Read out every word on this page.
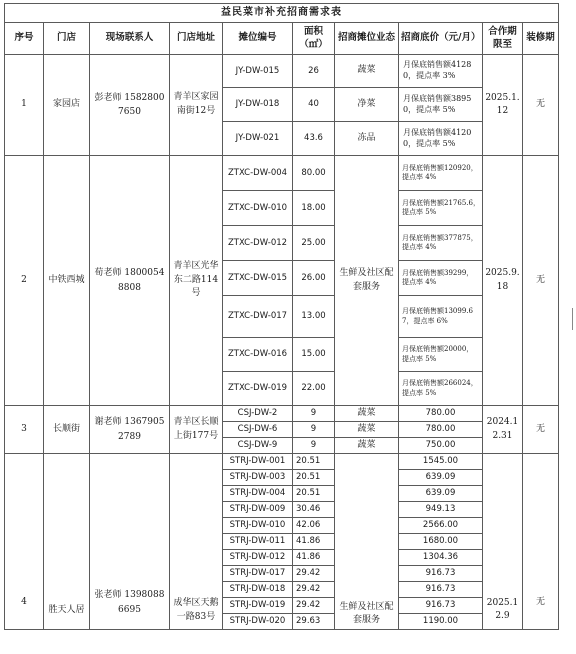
益民菜市补充招商需求表									
序号	门店	现场联系人	门店地址	摊位编号	面积（㎡）	招商摊位业态	招商底价（元/月）	合作期限至	装修期
1	家园店	彭老师 15828007650	青羊区家园南街12号	JY-DW-015	26	蔬菜	月保底销售额41280，提点率 3%	2025.1.12	无
				JY-DW-018	40	净菜	月保底销售额38950，提点率 5%		
				JY-DW-021	43.6	冻品	月保底销售额41200，提点率 5%		
2	中铁西城	荀老师 18000548808	青羊区光华东二路114号	ZTXC-DW-004	80.00	生鲜及社区配套服务	月保底销售额120920，提点率 4%	2025.9.18	无
				ZTXC-DW-010	18.00		月保底销售额21765.6，提点率 5%		
				ZTXC-DW-012	25.00		月保底销售额377875，提点率 4%		
				ZTXC-DW-015	26.00		月保底销售额39299，提点率 4%		
				ZTXC-DW-017	13.00		月保底销售额13099.67，提点率 6%		
				ZTXC-DW-016	15.00		月保底销售额20000，提点率 5%		
				ZTXC-DW-019	22.00		月保底销售额266024，提点率 5%		
3	长顺街	谢老师 13679052789	青羊区长顺上街177号	CSJ-DW-2	9	蔬菜	780.00	2024.12.31	无
				CSJ-DW-6	9	蔬菜	780.00		
				CSJ-DW-9	9	蔬菜	750.00		
4	胜天人居	张老师 13980886695	成华区天鹅一路83号	STRJ-DW-001	20.51	生鲜及社区配套服务	1545.00	2025.12.9	无
				STRJ-DW-003	20.51		639.09		
				STRJ-DW-004	20.51		639.09		
				STRJ-DW-009	30.46		949.13		
				STRJ-DW-010	42.06		2566.00		
				STRJ-DW-011	41.86		1680.00		
				STRJ-DW-012	41.86		1304.36		
				STRJ-DW-017	29.42		916.73		
				STRJ-DW-018	29.42		916.73		
				STRJ-DW-019	29.42		916.73		
				STRJ-DW-020	29.63		1190.00		
